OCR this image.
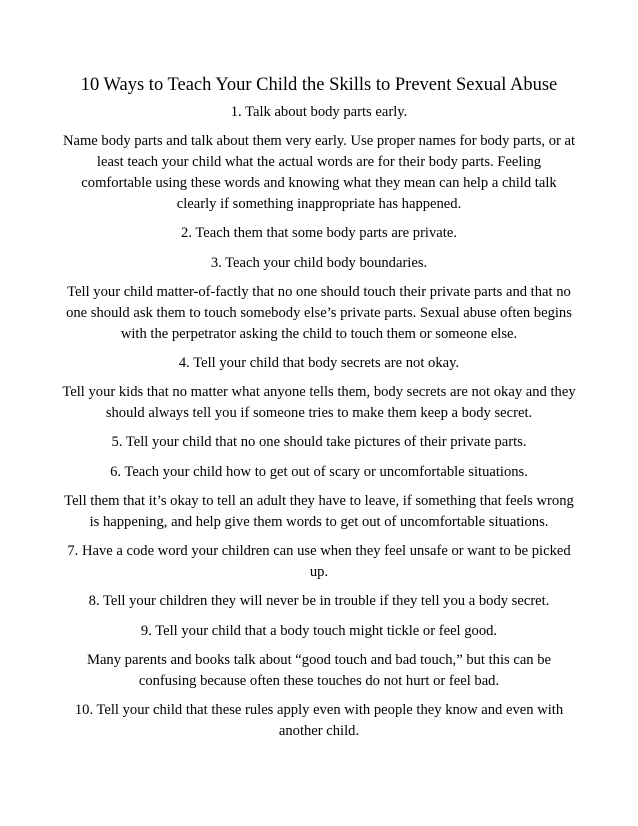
10 Ways to Teach Your Child the Skills to Prevent Sexual Abuse
1. Talk about body parts early.
Name body parts and talk about them very early. Use proper names for body parts, or at least teach your child what the actual words are for their body parts. Feeling comfortable using these words and knowing what they mean can help a child talk clearly if something inappropriate has happened.
2. Teach them that some body parts are private.
3. Teach your child body boundaries.
Tell your child matter-of-factly that no one should touch their private parts and that no one should ask them to touch somebody else’s private parts. Sexual abuse often begins with the perpetrator asking the child to touch them or someone else.
4. Tell your child that body secrets are not okay.
Tell your kids that no matter what anyone tells them, body secrets are not okay and they should always tell you if someone tries to make them keep a body secret.
5. Tell your child that no one should take pictures of their private parts.
6. Teach your child how to get out of scary or uncomfortable situations.
Tell them that it’s okay to tell an adult they have to leave, if something that feels wrong is happening, and help give them words to get out of uncomfortable situations.
7. Have a code word your children can use when they feel unsafe or want to be picked up.
8. Tell your children they will never be in trouble if they tell you a body secret.
9. Tell your child that a body touch might tickle or feel good.
Many parents and books talk about “good touch and bad touch,” but this can be confusing because often these touches do not hurt or feel bad.
10. Tell your child that these rules apply even with people they know and even with another child.
